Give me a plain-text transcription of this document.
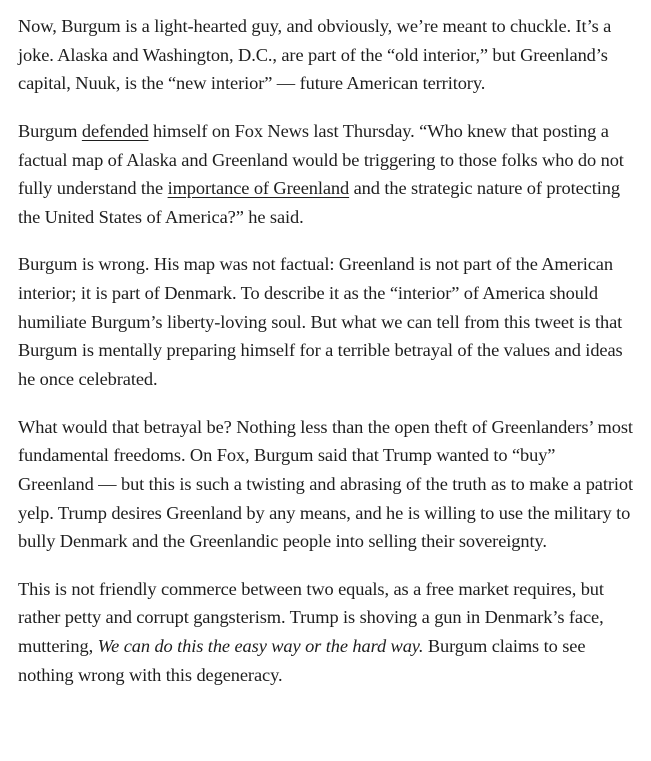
Now, Burgum is a light-hearted guy, and obviously, we’re meant to chuckle. It’s a joke. Alaska and Washington, D.C., are part of the “old interior,” but Greenland’s capital, Nuuk, is the “new interior” — future American territory.

Burgum defended himself on Fox News last Thursday. “Who knew that posting a factual map of Alaska and Greenland would be triggering to those folks who do not fully understand the importance of Greenland and the strategic nature of protecting the United States of America?” he said.

Burgum is wrong. His map was not factual: Greenland is not part of the American interior; it is part of Denmark. To describe it as the “interior” of America should humiliate Burgum’s liberty-loving soul. But what we can tell from this tweet is that Burgum is mentally preparing himself for a terrible betrayal of the values and ideas he once celebrated.

What would that betrayal be? Nothing less than the open theft of Greenlanders’ most fundamental freedoms. On Fox, Burgum said that Trump wanted to “buy” Greenland — but this is such a twisting and abrasing of the truth as to make a patriot yelp. Trump desires Greenland by any means, and he is willing to use the military to bully Denmark and the Greenlandic people into selling their sovereignty.

This is not friendly commerce between two equals, as a free market requires, but rather petty and corrupt gangsterism. Trump is shoving a gun in Denmark’s face, muttering, We can do this the easy way or the hard way. Burgum claims to see nothing wrong with this degeneracy.
